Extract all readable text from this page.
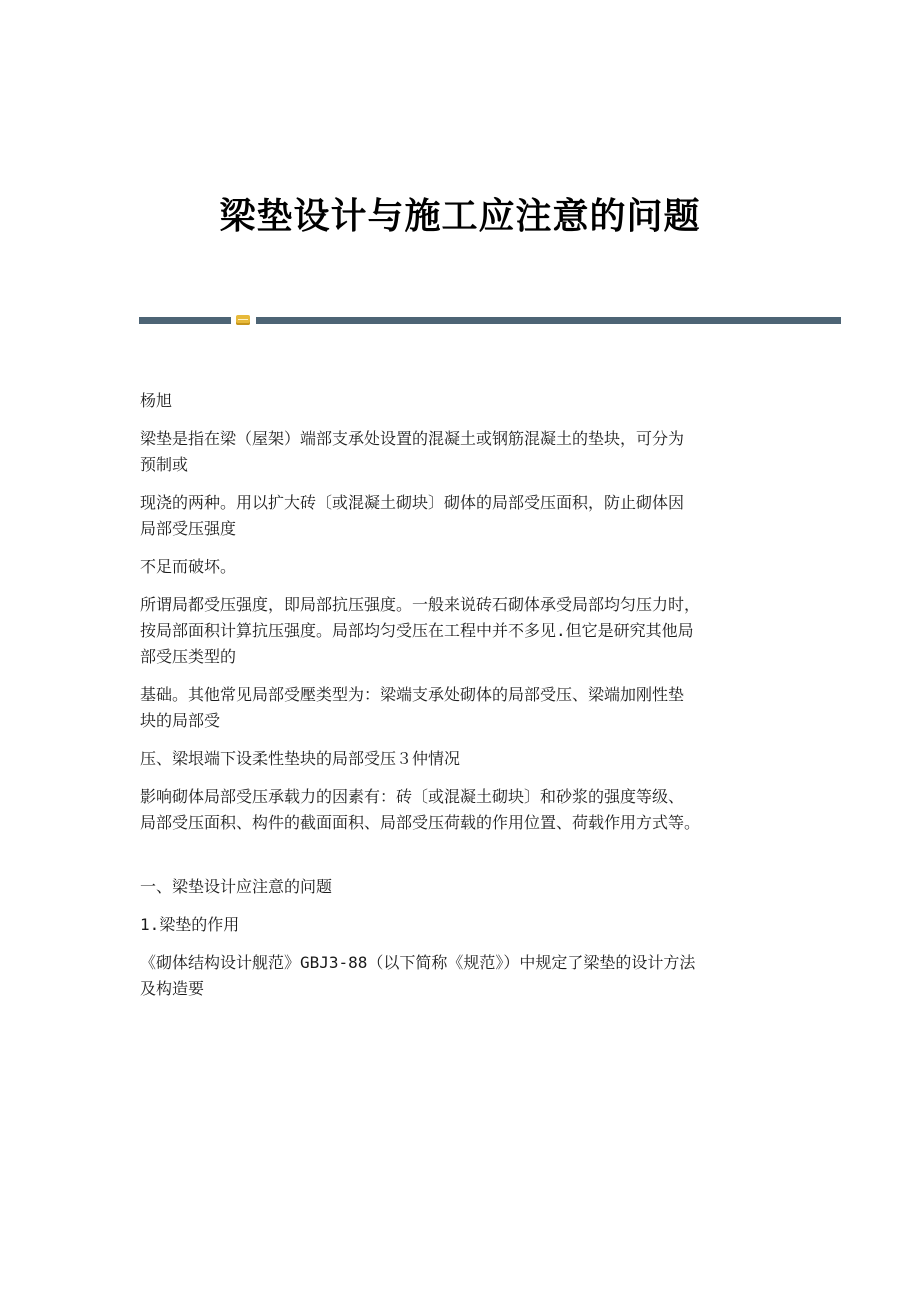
梁垫设计与施工应注意的问题

杨旭

梁垫是指在梁（屋架）端部支承处设置的混凝土或钢筋混凝土的垫块，可分为
预制或

现浇的两种。用以扩大砖〔或混凝土砌块〕砌体的局部受压面积，防止砌体因
局部受压强度

不足而破坏。

所谓局都受压强度，即局部抗压强度。一般来说砖石砌体承受局部均匀压力时，
按局部面积计算抗压强度。局部均匀受压在工程中并不多见.但它是研究其他局
部受压类型的

基础。其他常见局部受壓类型为：梁端支承处砌体的局部受压、梁端加刚性垫
块的局部受

压、梁垠端下设柔性垫块的局部受压３仲情况

影响砌体局部受压承载力的因素有：砖〔或混凝土砌块〕和砂浆的强度等级、
局部受压面积、构件的截面面积、局部受压荷载的作用位置、荷载作用方式等。

一、梁垫设计应注意的问题

1.梁垫的作用

《砌体结构设计舰范》GBJ3-88（以下简称《规范》）中规定了梁垫的设计方法
及构造要
